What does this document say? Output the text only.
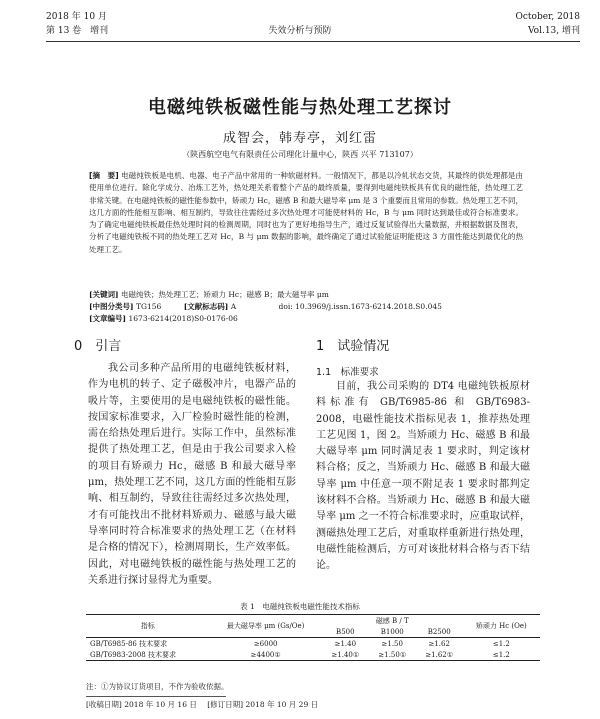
2018 年 10 月
第 13 卷　增刊	失效分析与预防
October, 2018
Vol.13, 增刊
电磁纯铁板磁性能与热处理工艺探讨
成智会，韩寿亭，刘红雷
（陕西航空电气有限责任公司理化计量中心，陕西 兴平 713107）
[摘　要] 电磁纯铁板是电机、电器、电子产品中常用的一种软磁材料。一般情况下，都是以冷轧状态交货，其最终的供处理都是由使用单位进行。除化学成分、冶炼工艺外，热处理关系着整个产品的最终质量，要得到电磁纯铁板具有优良的磁性能，热处理工艺非常关键。在电磁纯铁板的磁性能参数中，矫顽力 Hc，磁感 B 和最大磁导率 μm 是 3 个重要而且常用的参数。热处理工艺不同，这几方面的性能相互影响、相互制约，导致往往需经过多次热处理才可能使材料的 Hc，B 与 μm 同时达到最佳或符合标准要求。为了确定电磁纯铁板最佳热处理时间的检测周期，同时也为了更好地指导生产，通过反复试验得出大量数据，并根据数据及图表，分析了电磁纯铁板不同的热处理工艺对 Hc，B 与 μm 数据的影响，最终确定了通过试验能证明能使这 3 方面性能达到最优化的热处理工艺。
[关键词] 电磁纯铁；热处理工艺；矫顽力 Hc；磁感 B；最大磁导率 μm
[中图分类号] TG156	[文献标志码] A	doi: 10.3969/j.issn.1673-6214.2018.S0.045
[文章编号] 1673-6214(2018)S0-0176-06
0　引言
我公司多种产品所用的电磁纯铁板材料，作为电机的转子、定子磁极冲片，电器产品的吸片等，主要使用的是电磁纯铁板的磁性能。按国家标准要求，入厂检验时磁性能的检测，需在给热处理后进行。实际工作中，虽然标准提供了热处理工艺，但是由于我公司要求入检的项目有矫顽力 Hc，磁感 B 和最大磁导率 μm，热处理工艺不同，这几方面的性能相互影响、相互制约，导致往往需经过多次热处理，才有可能找出不批材料矫顽力、磁感与最大磁导率同时符合标准要求的热处理工艺（在材料是合格的情况下），检测周期长，生产效率低。因此，对电磁纯铁板的磁性能与热处理工艺的关系进行探讨显得尤为重要。
1　试验情况
1.1　标准要求
目前，我公司采购的 DT4 电磁纯铁板原材料标准有 GB/T6985-86 和 GB/T6983-2008，电磁性能技术指标见表 1，推荐热处理工艺见图 1，图 2。当矫顽力 Hc、磁感 B 和最大磁导率 μm 同时满足表 1 要求时，判定该材料合格；反之，当矫顽力 Hc、磁感 B 和最大磁导率 μm 中任意一项不附足表 1 要求时都判定该材料不合格。当矫顽力 Hc、磁感 B 和最大磁导率 μm 之一不符合标准要求时，应重取试样，测磁热处理工艺后，对重取样重新进行热处理，电磁性能检测后，方可对该批材料合格与否下结论。
表 1　电磁纯铁板电磁性能技术指标
指标	最大磁导率 μm (Gs/Oe)	磁感 B / T			矫顽力 Hc (Oe)
		B500	B1000	B2500	
GB/T6985-86 技术要求	≥6000	≥1.40	≥1.50	≥1.62	≤1.2
GB/T6983-2008 技术要求	≥4400①	≥1.40①	≥1.50①	≥1.62①	≤1.2
注：①为协议订货项目，不作为验收依据。
[收稿日期] 2018 年 10 月 16 日 [修订日期] 2018 年 10 月 29 日
